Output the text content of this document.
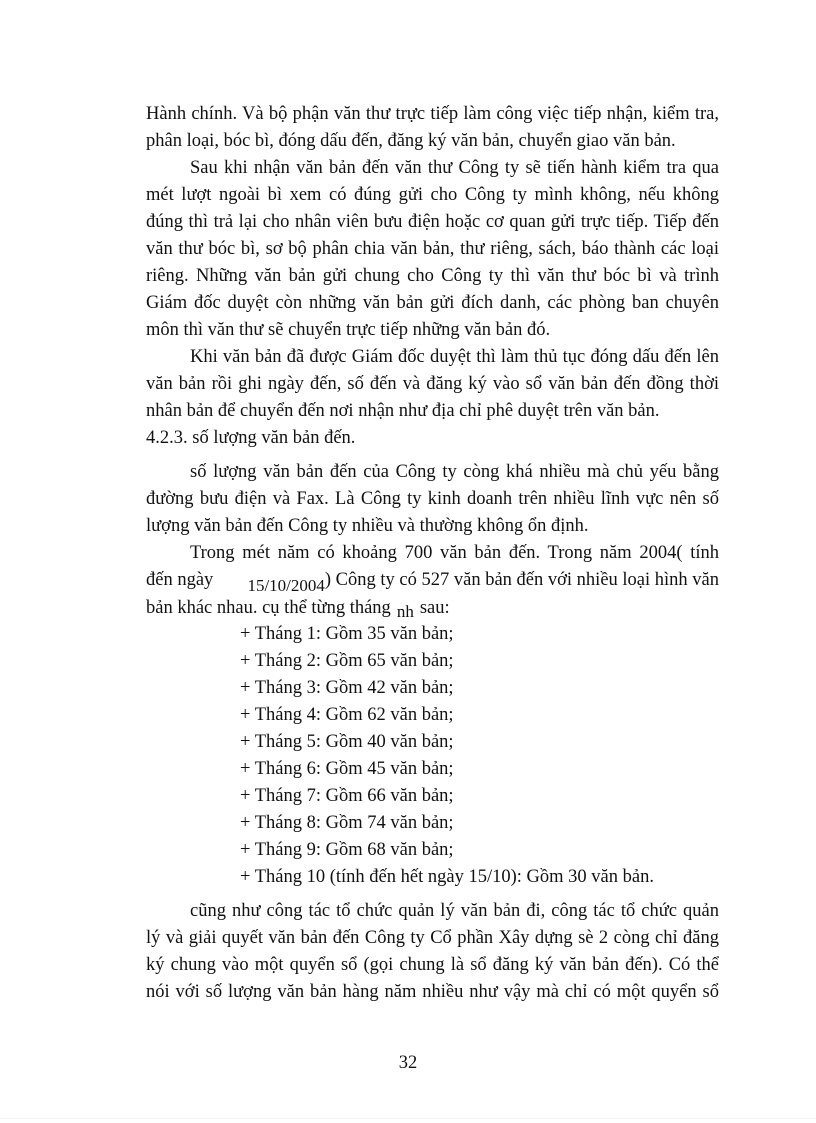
Hành chính. Và bộ phận văn thư trực tiếp làm công việc tiếp nhận, kiểm tra,
phân loại, bóc bì, đóng dấu đến, đăng ký văn bản, chuyển giao văn bản.
Sau khi nhận văn bản đến văn thư Công ty sẽ tiến hành kiểm tra qua
mét lượt ngoài bì xem có đúng gửi cho Công ty mình không, nếu không
đúng thì trả lại cho nhân viên bưu điện hoặc cơ quan gửi trực tiếp. Tiếp đến
văn thư bóc bì, sơ bộ phân chia văn bản, thư riêng, sách, báo thành các loại
riêng. Những văn bản gửi chung cho Công ty thì văn thư bóc bì và trình
Giám đốc duyệt còn những văn bản gửi đích danh, các phòng ban chuyên
môn thì văn thư sẽ chuyển trực tiếp những văn bản đó.
Khi văn bản đã được Giám đốc duyệt thì làm thủ tục đóng dấu đến lên
văn bản rồi ghi ngày đến, số đến và đăng ký vào sổ văn bản đến đồng thời
nhân bản để chuyển đến nơi nhận như địa chỉ phê duyệt trên văn bản.
4.2.3. số lượng văn bản đến.
số lượng văn bản đến của Công ty còng khá nhiều mà chủ yếu bằng
đường bưu điện và Fax. Là Công ty kinh doanh trên nhiều lĩnh vực nên số
lượng văn bản đến Công ty nhiều và thường không ổn định.
Trong mét năm có khoảng 700 văn bản đến. Trong năm 2004( tính
đến ngày 15/10/2004 ) Công ty có 527 văn bản đến với nhiều loại hình văn
bản khác nhau. cụ thể từng tháng nh sau:
+ Tháng 1: Gồm 35 văn bản;
+ Tháng 2: Gồm 65 văn bản;
+ Tháng 3: Gồm 42 văn bản;
+ Tháng 4: Gồm 62 văn bản;
+ Tháng 5: Gồm 40 văn bản;
+ Tháng 6: Gồm 45 văn bản;
+ Tháng 7: Gồm 66 văn bản;
+ Tháng 8: Gồm 74 văn bản;
+ Tháng 9: Gồm 68 văn bản;
+ Tháng 10 (tính đến hết ngày 15/10): Gồm 30 văn bản.
cũng như công tác tổ chức quản lý văn bản đi, công tác tổ chức quản
lý và giải quyết văn bản đến Công ty Cổ phần Xây dựng sè 2 còng chỉ đăng
ký chung vào một quyển sổ (gọi chung là sổ đăng ký văn bản đến). Có thể
nói với số lượng văn bản hàng năm nhiều như vậy mà chỉ có một quyển sổ
32
